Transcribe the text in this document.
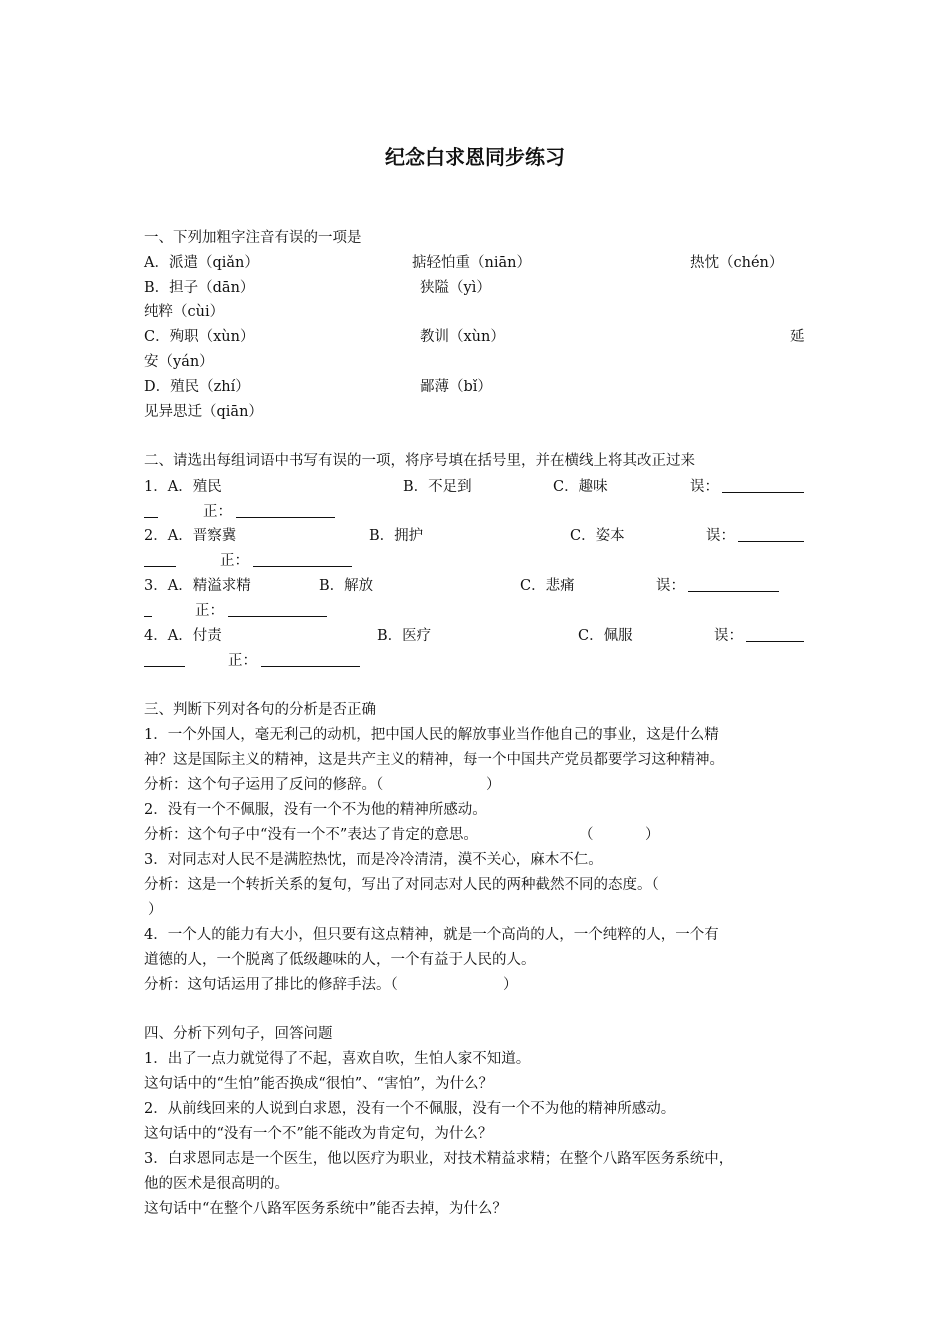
纪念白求恩同步练习
一、下列加粗字注音有误的一项是
A．派遣（qiǎn）	掂轻怕重（niān）	热忱（chén）
B．担子（dān）	狭隘（yì）
纯粹（cùi）
C．殉职（xùn）	教训（xùn）	延
安（yán）
D．殖民（zhí）	鄙薄（bǐ）
见异思迁（qiān）
二、请选出每组词语中书写有误的一项，将序号填在括号里，并在横线上将其改正过来
1．A．殖民	B．不足到	C．趣味	误：
正：
2．A．晋察冀	B．拥护	C．姿本	误：
正：
3．A．精溢求精	B．解放	C．悲痛	误：
正：
4．A．付责	B．医疗	C．佩服	误：
正：
三、判断下列对各句的分析是否正确
1．一个外国人，毫无利己的动机，把中国人民的解放事业当作他自己的事业，这是什么精
神？这是国际主义的精神，这是共产主义的精神，每一个中国共产党员都要学习这种精神。
分析：这个句子运用了反问的修辞。（	）
2．没有一个不佩服，没有一个不为他的精神所感动。
分析：这个句子中“没有一个不”表达了肯定的意思。	（	）
3．对同志对人民不是满腔热忱，而是冷冷清清，漠不关心，麻木不仁。
分析：这是一个转折关系的复句，写出了对同志对人民的两种截然不同的态度。（
）
4．一个人的能力有大小，但只要有这点精神，就是一个高尚的人，一个纯粹的人，一个有
道德的人，一个脱离了低级趣味的人，一个有益于人民的人。
分析：这句话运用了排比的修辞手法。（	）
四、分析下列句子，回答问题
1．出了一点力就觉得了不起，喜欢自吹，生怕人家不知道。
这句话中的“生怕”能否换成“很怕”、“害怕”，为什么？
2．从前线回来的人说到白求恩，没有一个不佩服，没有一个不为他的精神所感动。
这句话中的“没有一个不”能不能改为肯定句，为什么？
3．白求恩同志是一个医生，他以医疗为职业，对技术精益求精；在整个八路军医务系统中，
他的医术是很高明的。
这句话中“在整个八路军医务系统中”能否去掉，为什么？
